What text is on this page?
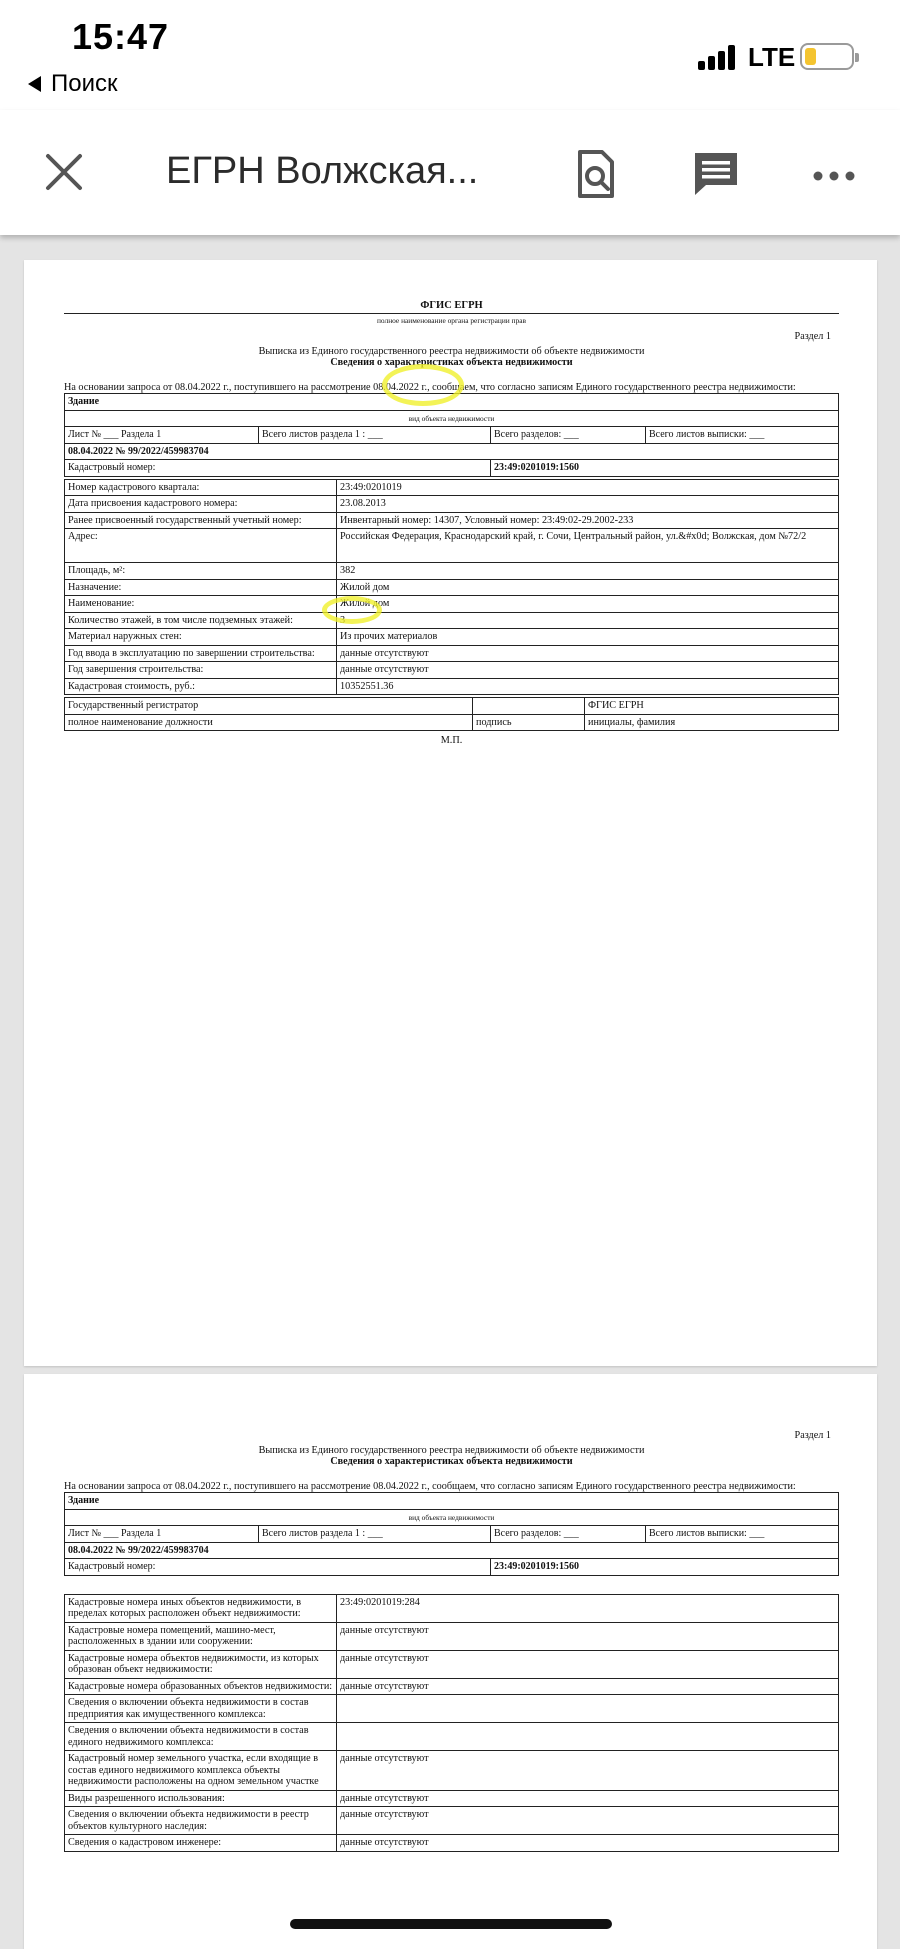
15:47
Поиск
LTE
ЕГРН Волжская...
ФГИС ЕГРН
полное наименование органа регистрации прав
Раздел 1
Выписка из Единого государственного реестра недвижимости об объекте недвижимости
Сведения о характеристиках объекта недвижимости
На основании запроса от 08.04.2022 г., поступившего на рассмотрение 08.04.2022 г., сообщаем, что согласно записям Единого государственного реестра недвижимости:
Здание			
вид объекта недвижимости			
Лист № ___ Раздела 1	Всего листов раздела 1 : ___	Всего разделов: ___	Всего листов выписки: ___
08.04.2022 № 99/2022/459983704			
Кадастровый номер:		23:49:0201019:1560	
Номер кадастрового квартала:	23:49:0201019
Дата присвоения кадастрового номера:	23.08.2013
Ранее присвоенный государственный учетный номер:	Инвентарный номер: 14307, Условный номер: 23:49:02-29.2002-233
Адрес:	Российская Федерация, Краснодарский край, г. Сочи, Центральный район, ул.&#x0d; Волжская, дом №72/2
Площадь, м²:	382
Назначение:	Жилой дом
Наименование:	Жилой дом
Количество этажей, в том числе подземных этажей:	3
Материал наружных стен:	Из прочих материалов
Год ввода в эксплуатацию по завершении строительства:	данные отсутствуют
Год завершения строительства:	данные отсутствуют
Кадастровая стоимость, руб.:	10352551.36
Государственный регистратор		ФГИС ЕГРН
полное наименование должности	подпись	инициалы, фамилия
М.П.
Раздел 1
Выписка из Единого государственного реестра недвижимости об объекте недвижимости
Сведения о характеристиках объекта недвижимости
На основании запроса от 08.04.2022 г., поступившего на рассмотрение 08.04.2022 г., сообщаем, что согласно записям Единого государственного реестра недвижимости:
Здание			
вид объекта недвижимости			
Лист № ___ Раздела 1	Всего листов раздела 1 : ___	Всего разделов: ___	Всего листов выписки: ___
08.04.2022 № 99/2022/459983704			
Кадастровый номер:		23:49:0201019:1560	
Кадастровые номера иных объектов недвижимости, в пределах которых расположен объект недвижимости:	23:49:0201019:284
Кадастровые номера помещений, машино-мест, расположенных в здании или сооружении:	данные отсутствуют
Кадастровые номера объектов недвижимости, из которых образован объект недвижимости:	данные отсутствуют
Кадастровые номера образованных объектов недвижимости:	данные отсутствуют
Сведения о включении объекта недвижимости в состав предприятия как имущественного комплекса:	
Сведения о включении объекта недвижимости в состав единого недвижимого комплекса:	
Кадастровый номер земельного участка, если входящие в состав единого недвижимого комплекса объекты недвижимости расположены на одном земельном участке	данные отсутствуют
Виды разрешенного использования:	данные отсутствуют
Сведения о включении объекта недвижимости в реестр объектов культурного наследия:	данные отсутствуют
Сведения о кадастровом инженере:	данные отсутствуют
